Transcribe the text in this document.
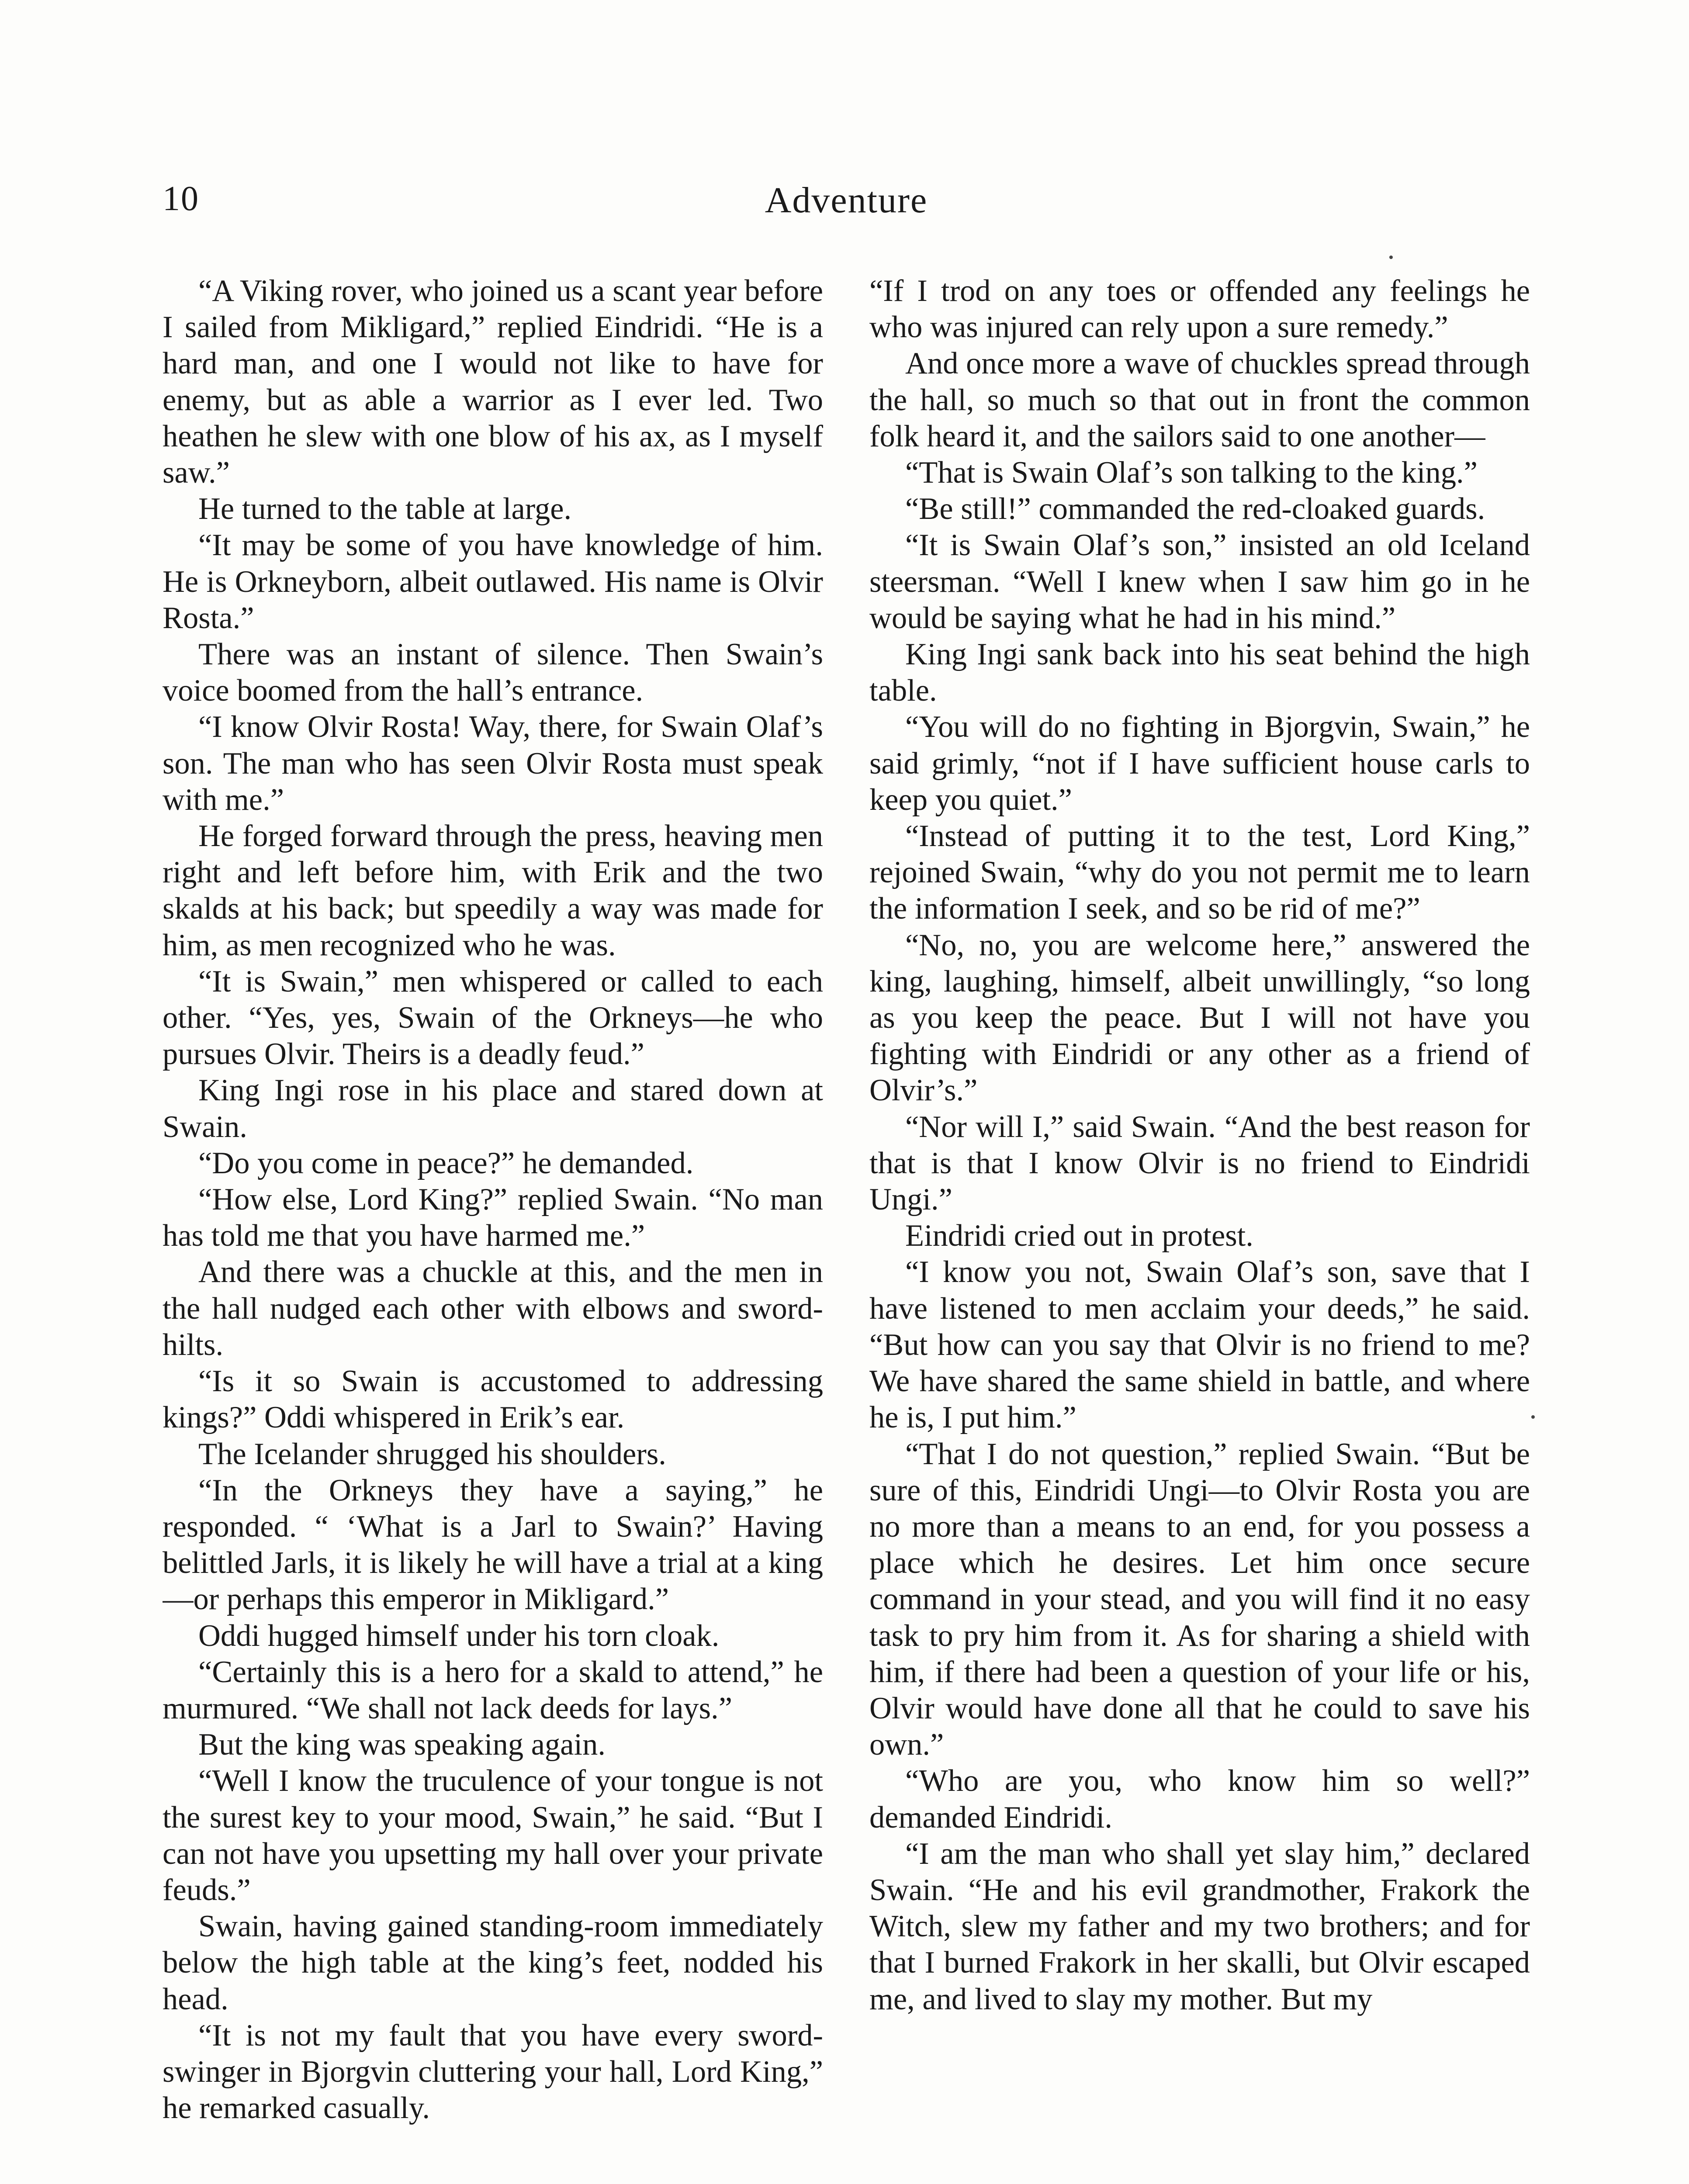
10	Adventure

“A Viking rover, who joined us a scant year before I sailed from Mikligard,” replied Eindridi. “He is a hard man, and one I would not like to have for enemy, but as able a warrior as I ever led. Two heathen he slew with one blow of his ax, as I myself saw.”

He turned to the table at large.

“It may be some of you have knowledge of him. He is Orkneyborn, albeit outlawed. His name is Olvir Rosta.”

There was an instant of silence. Then Swain’s voice boomed from the hall’s entrance.

“I know Olvir Rosta! Way, there, for Swain Olaf’s son. The man who has seen Olvir Rosta must speak with me.”

He forged forward through the press, heaving men right and left before him, with Erik and the two skalds at his back; but speedily a way was made for him, as men recognized who he was.

“It is Swain,” men whispered or called to each other. “Yes, yes, Swain of the Orkneys—he who pursues Olvir. Theirs is a deadly feud.”

King Ingi rose in his place and stared down at Swain.

“Do you come in peace?” he demanded.

“How else, Lord King?” replied Swain. “No man has told me that you have harmed me.”

And there was a chuckle at this, and the men in the hall nudged each other with elbows and sword-hilts.

“Is it so Swain is accustomed to addressing kings?” Oddi whispered in Erik’s ear.

The Icelander shrugged his shoulders.

“In the Orkneys they have a saying,” he responded. “ ‘What is a Jarl to Swain?’ Having belittled Jarls, it is likely he will have a trial at a king—or perhaps this emperor in Mikligard.”

Oddi hugged himself under his torn cloak.

“Certainly this is a hero for a skald to attend,” he murmured. “We shall not lack deeds for lays.”

But the king was speaking again.

“Well I know the truculence of your tongue is not the surest key to your mood, Swain,” he said. “But I can not have you upsetting my hall over your private feuds.”

Swain, having gained standing-room immediately below the high table at the king’s feet, nodded his head.

“It is not my fault that you have every sword-swinger in Bjorgvin cluttering your hall, Lord King,” he remarked casually.

“If I trod on any toes or offended any feelings he who was injured can rely upon a sure remedy.”

And once more a wave of chuckles spread through the hall, so much so that out in front the common folk heard it, and the sailors said to one another—

“That is Swain Olaf’s son talking to the king.”

“Be still!” commanded the red-cloaked guards.

“It is Swain Olaf’s son,” insisted an old Iceland steersman. “Well I knew when I saw him go in he would be saying what he had in his mind.”

King Ingi sank back into his seat behind the high table.

“You will do no fighting in Bjorgvin, Swain,” he said grimly, “not if I have sufficient house carls to keep you quiet.”

“Instead of putting it to the test, Lord King,” rejoined Swain, “why do you not permit me to learn the information I seek, and so be rid of me?”

“No, no, you are welcome here,” answered the king, laughing, himself, albeit unwillingly, “so long as you keep the peace. But I will not have you fighting with Eindridi or any other as a friend of Olvir’s.”

“Nor will I,” said Swain. “And the best reason for that is that I know Olvir is no friend to Eindridi Ungi.”

Eindridi cried out in protest.

“I know you not, Swain Olaf’s son, save that I have listened to men acclaim your deeds,” he said. “But how can you say that Olvir is no friend to me? We have shared the same shield in battle, and where he is, I put him.”

“That I do not question,” replied Swain. “But be sure of this, Eindridi Ungi—to Olvir Rosta you are no more than a means to an end, for you possess a place which he desires. Let him once secure command in your stead, and you will find it no easy task to pry him from it. As for sharing a shield with him, if there had been a question of your life or his, Olvir would have done all that he could to save his own.”

“Who are you, who know him so well?” demanded Eindridi.

“I am the man who shall yet slay him,” declared Swain. “He and his evil grandmother, Frakork the Witch, slew my father and my two brothers; and for that I burned Frakork in her skalli, but Olvir escaped me, and lived to slay my mother. But my
